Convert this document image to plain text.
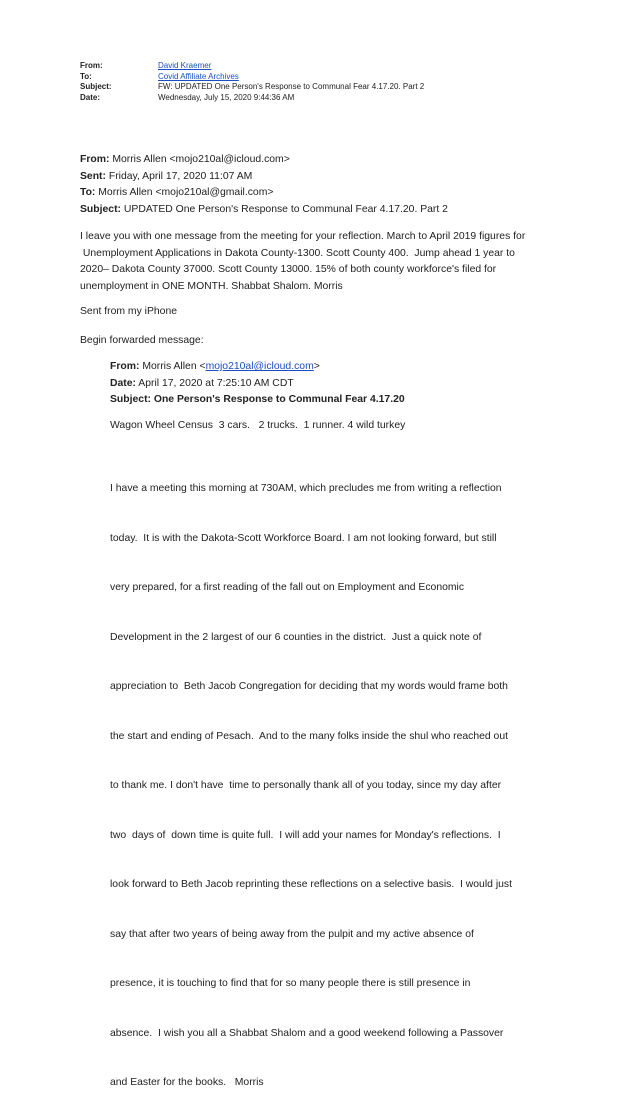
From:	David Kraemer
To:	Covid Affiliate Archives
Subject:	FW: UPDATED One Person's Response to Communal Fear 4.17.20. Part 2
Date:	Wednesday, July 15, 2020 9:44:36 AM
From: Morris Allen <mojo210al@icloud.com>
Sent: Friday, April 17, 2020 11:07 AM
To: Morris Allen <mojo210al@gmail.com>
Subject: UPDATED One Person's Response to Communal Fear 4.17.20. Part 2

I leave you with one message from the meeting for your reflection. March to April 2019 figures for

Unemployment Applications in Dakota County-1300. Scott County 400.  Jump ahead 1 year to

2020– Dakota County 37000. Scott County 13000. 15% of both county workforce's filed for

unemployment in ONE MONTH. Shabbat Shalom. Morris

Sent from my iPhone

Begin forwarded message:

From: Morris Allen <mojo210al@icloud.com>
Date: April 17, 2020 at 7:25:10 AM CDT
Subject: One Person's Response to Communal Fear 4.17.20

Wagon Wheel Census  3 cars.   2 trucks.  1 runner. 4 wild turkey

I have a meeting this morning at 730AM, which precludes me from writing a reflection

today.  It is with the Dakota-Scott Workforce Board. I am not looking forward, but still

very prepared, for a first reading of the fall out on Employment and Economic

Development in the 2 largest of our 6 counties in the district.  Just a quick note of

appreciation to  Beth Jacob Congregation for deciding that my words would frame both

the start and ending of Pesach.  And to the many folks inside the shul who reached out

to thank me. I don't have  time to personally thank all of you today, since my day after

two  days of  down time is quite full.  I will add your names for Monday's reflections.  I

look forward to Beth Jacob reprinting these reflections on a selective basis.  I would just

say that after two years of being away from the pulpit and my active absence of

presence, it is touching to find that for so many people there is still presence in

absence.  I wish you all a Shabbat Shalom and a good weekend following a Passover

and Easter for the books.   Morris
